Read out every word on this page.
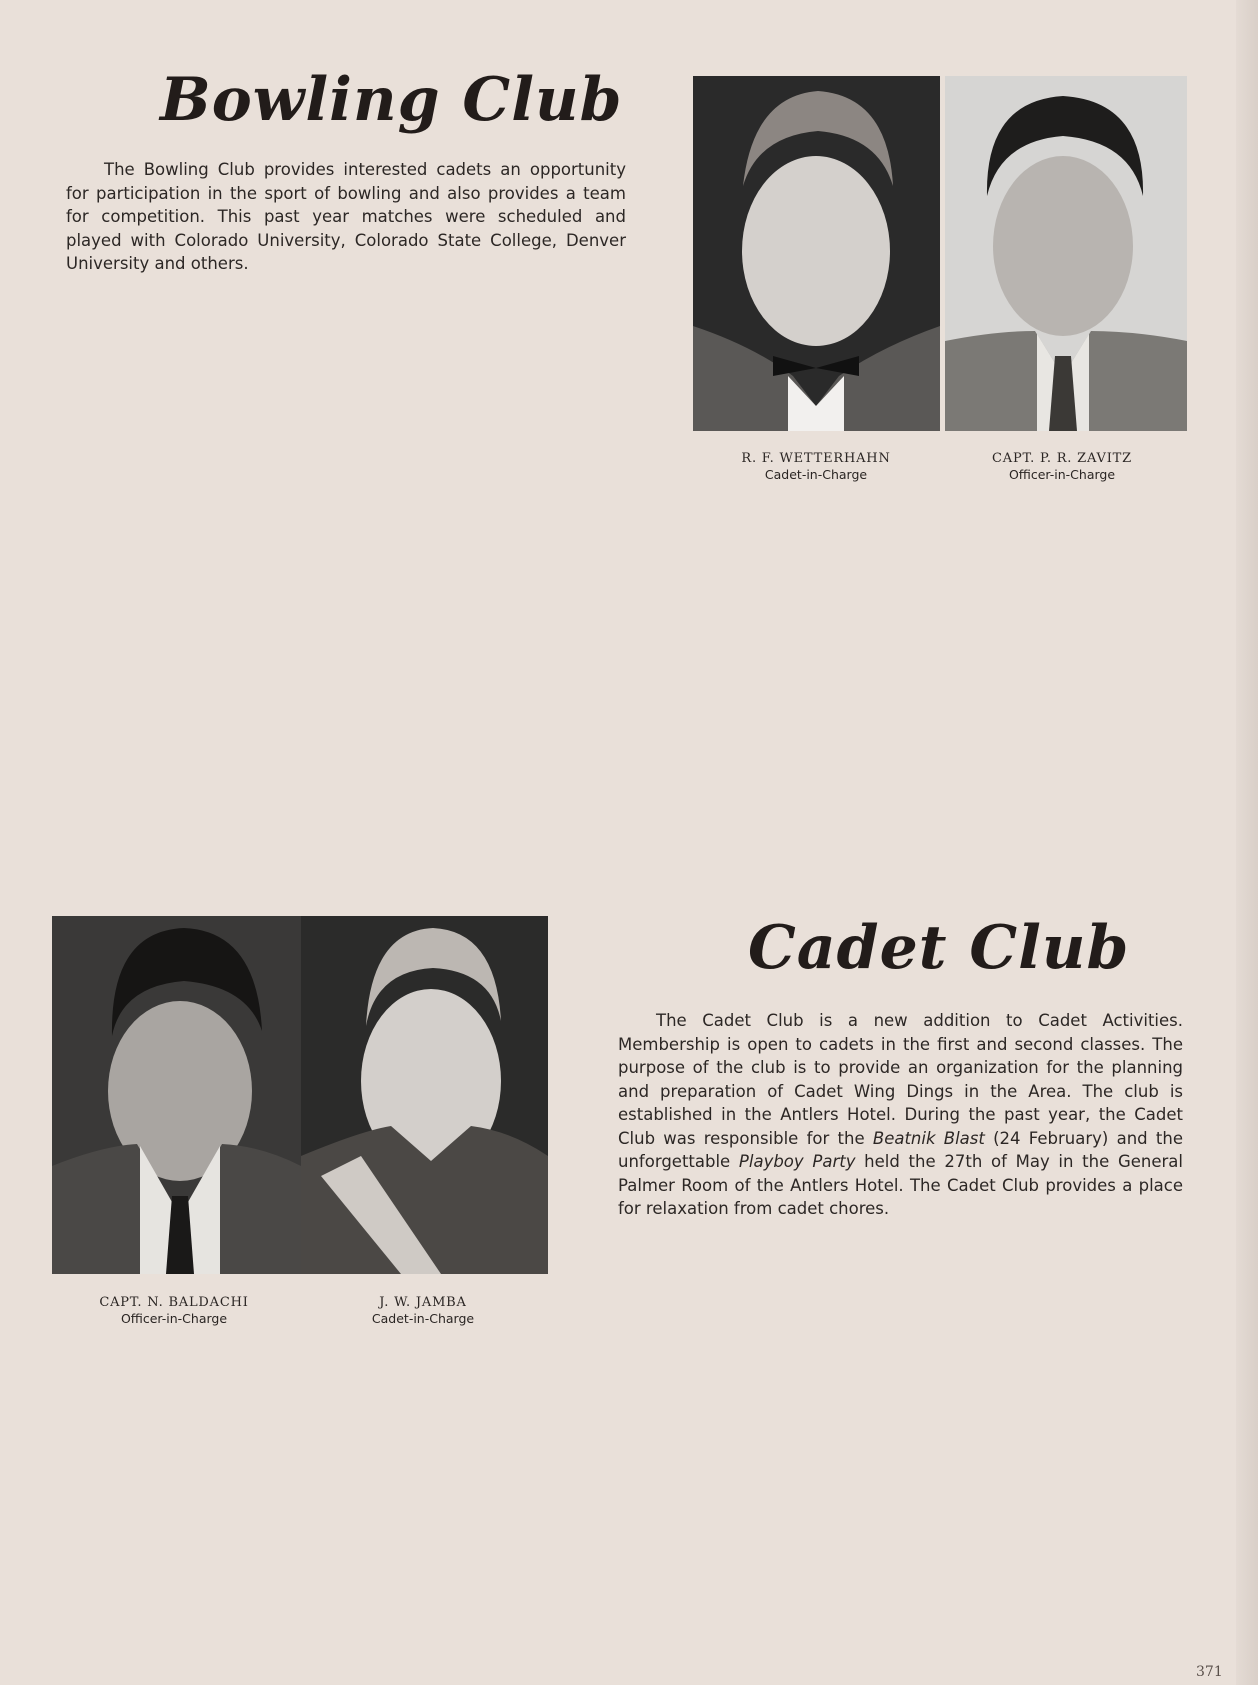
Bowling Club

The Bowling Club provides interested cadets an opportunity for participation in the sport of bowling and also provides a team for competition. This past year matches were scheduled and played with Colorado University, Colorado State College, Denver University and others.

R. F. WETTERHAHN
Cadet-in-Charge
CAPT. P. R. ZAVITZ
Officer-in-Charge
CAPT. N. BALDACHI
Officer-in-Charge
J. W. JAMBA
Cadet-in-Charge
Cadet Club

The Cadet Club is a new addition to Cadet Activities. Membership is open to cadets in the first and second classes. The purpose of the club is to provide an organization for the planning and preparation of Cadet Wing Dings in the Area. The club is established in the Antlers Hotel. During the past year, the Cadet Club was responsible for the Beatnik Blast (24 February) and the unforgettable Playboy Party held the 27th of May in the General Palmer Room of the Antlers Hotel. The Cadet Club provides a place for relaxation from cadet chores.

371
